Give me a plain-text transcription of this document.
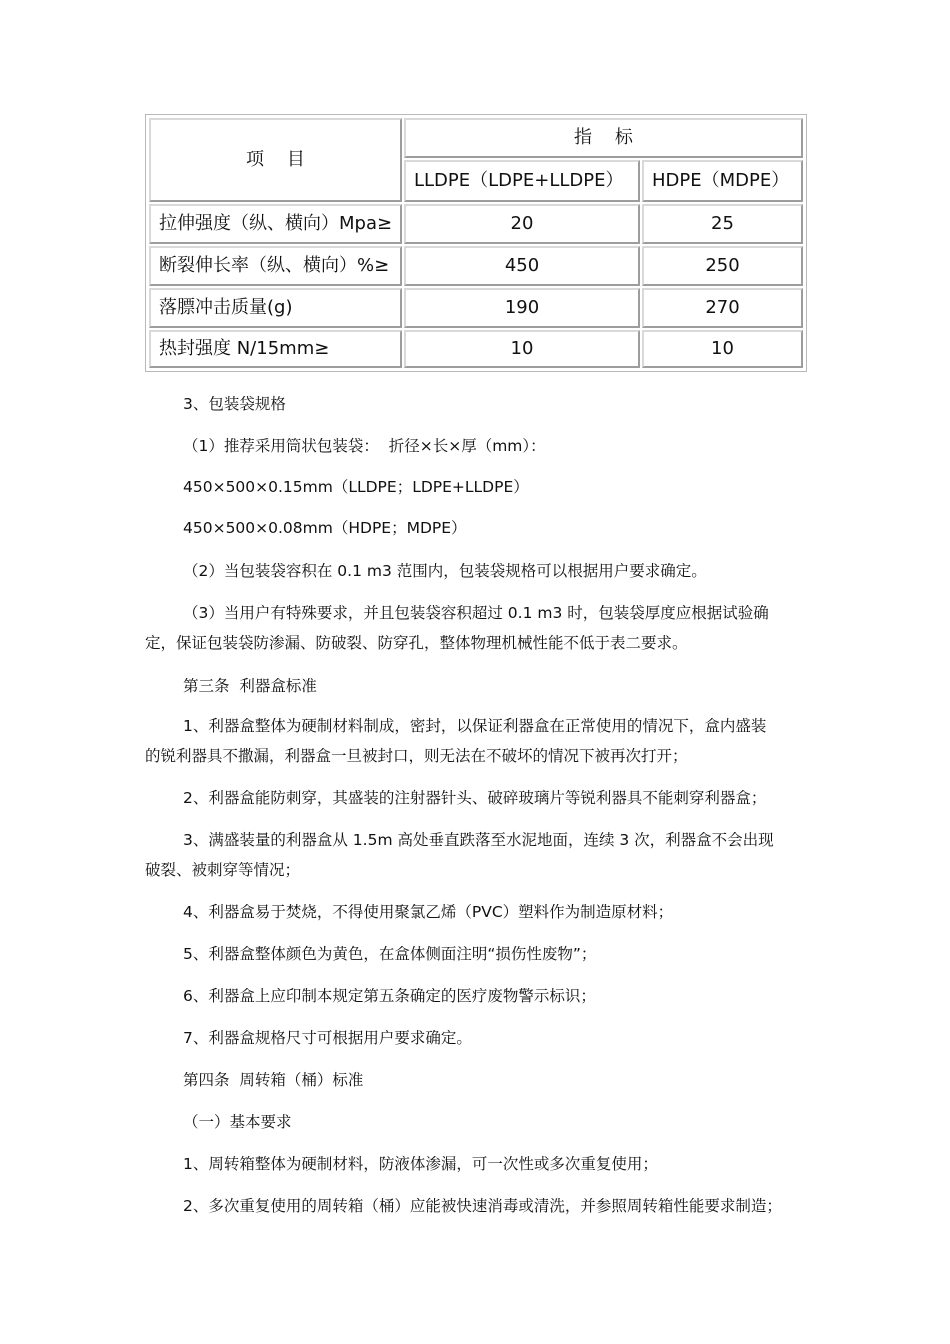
项    目
指    标
LLDPE（LDPE+LLDPE） HDPE（MDPE）
拉伸强度（纵、横向）Mpa≥	20	25
断裂伸长率（纵、横向）%≥	450	250
落膘冲击质量(g)	190	270
热封强度 N/15mm≥	10	10
3、包装袋规格
（1）推荐采用筒状包装袋：  折径×长×厚（mm）：
450×500×0.15mm（LLDPE；LDPE+LLDPE）
450×500×0.08mm（HDPE；MDPE）
（2）当包装袋容积在 0.1 m3 范围内，包装袋规格可以根据用户要求确定。
（3）当用户有特殊要求，并且包装袋容积超过 0.1 m3 时，包装袋厚度应根据试验确
定，保证包装袋防渗漏、防破裂、防穿孔，整体物理机械性能不低于表二要求。
第三条  利器盒标准
1、利器盒整体为硬制材料制成，密封，以保证利器盒在正常使用的情况下，盒内盛装
的锐利器具不撒漏，利器盒一旦被封口，则无法在不破坏的情况下被再次打开；
2、利器盒能防刺穿，其盛装的注射器针头、破碎玻璃片等锐利器具不能刺穿利器盒；
3、满盛装量的利器盒从 1.5m 高处垂直跌落至水泥地面，连续 3 次，利器盒不会出现
破裂、被刺穿等情况；
4、利器盒易于焚烧，不得使用聚氯乙烯（PVC）塑料作为制造原材料；
5、利器盒整体颜色为黄色，在盒体侧面注明“损伤性废物”；
6、利器盒上应印制本规定第五条确定的医疗废物警示标识；
7、利器盒规格尺寸可根据用户要求确定。
第四条  周转箱（桶）标准
（一）基本要求
1、周转箱整体为硬制材料，防液体渗漏，可一次性或多次重复使用；
2、多次重复使用的周转箱（桶）应能被快速消毒或清洗，并参照周转箱性能要求制造；
